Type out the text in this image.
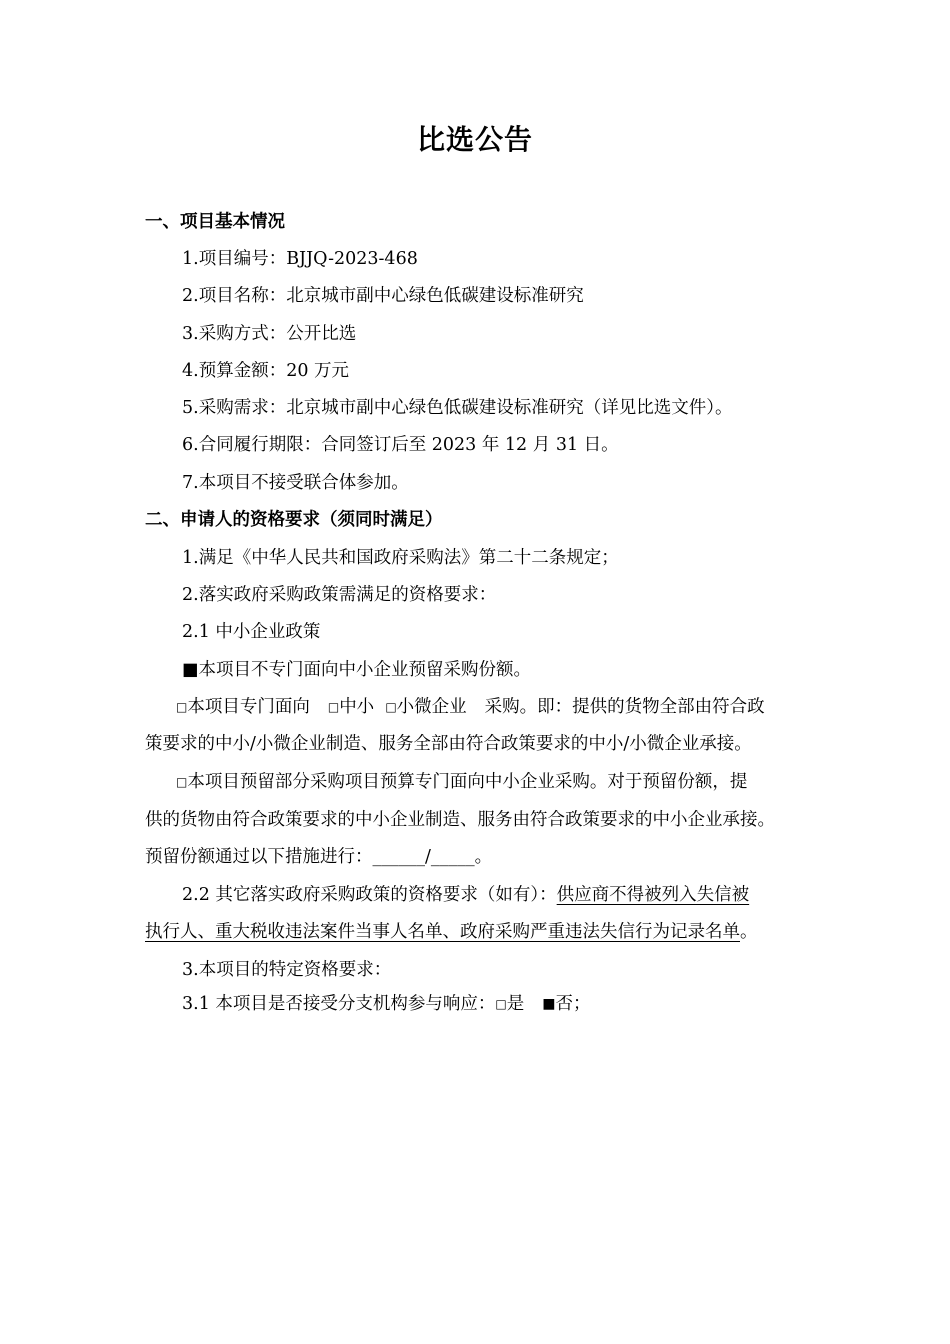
比选公告
一、项目基本情况
1.项目编号：BJJQ-2023-468
2.项目名称：北京城市副中心绿色低碳建设标准研究
3.采购方式：公开比选
4.预算金额：20 万元
5.采购需求：北京城市副中心绿色低碳建设标准研究（详见比选文件）。
6.合同履行期限：合同签订后至 2023 年 12 月 31 日。
7.本项目不接受联合体参加。
二、申请人的资格要求（须同时满足）
1.满足《中华人民共和国政府采购法》第二十二条规定；
2.落实政府采购政策需满足的资格要求：
2.1 中小企业政策
■本项目不专门面向中小企业预留采购份额。
□本项目专门面向 □中小 □小微企业 采购。即：提供的货物全部由符合政
策要求的中小/小微企业制造、服务全部由符合政策要求的中小/小微企业承接。
□本项目预留部分采购项目预算专门面向中小企业采购。对于预留份额，提
供的货物由符合政策要求的中小企业制造、服务由符合政策要求的中小企业承接。
预留份额通过以下措施进行：______/_____。
2.2 其它落实政府采购政策的资格要求（如有）：供应商不得被列入失信被
执行人、重大税收违法案件当事人名单、政府采购严重违法失信行为记录名单。
3.本项目的特定资格要求：
3.1 本项目是否接受分支机构参与响应：□是 ■否；
